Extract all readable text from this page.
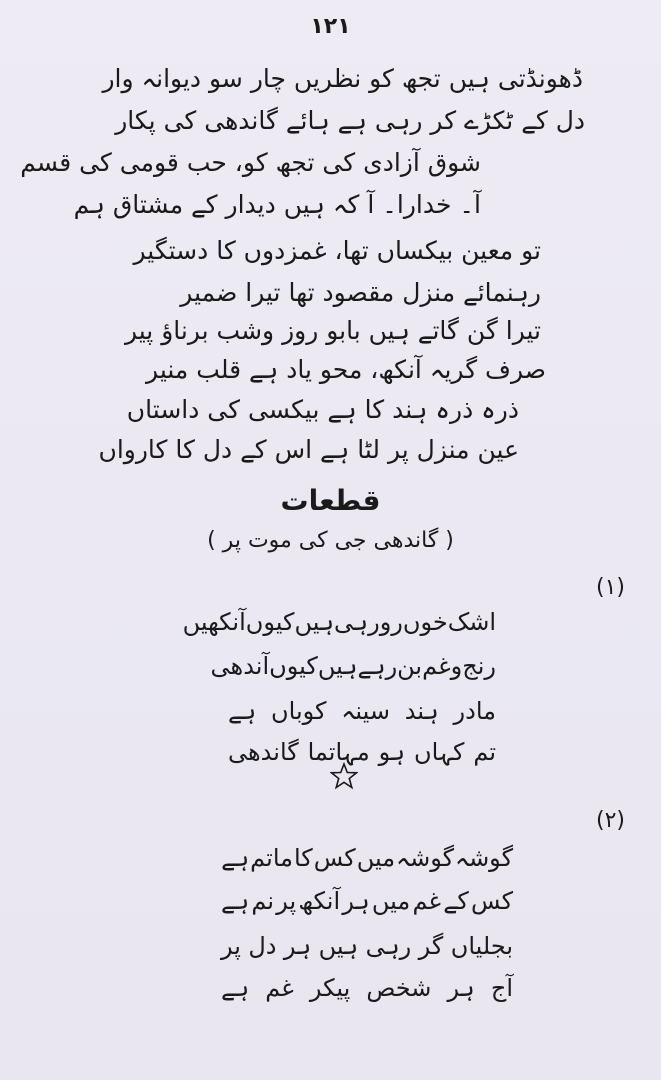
۱۲۱
ڈھونڈتی ہیں تجھ کو نظریں چار سو دیوانہ وار
دل کے ٹکڑے کر رہی ہے ہائے گاندھی کی پکار
شوق آزادی کی تجھ کو، حب قومی کی قسم
آ۔ خدارا۔ آ کہ ہیں دیدار کے مشتاق ہم
تو معین بیکساں تھا، غمزدوں کا دستگیر
رہنمائے منزل مقصود تھا تیرا ضمیر
تیرا گن گاتے ہیں بابو روز وشب برناؤ پیر
صرف گریہ آنکھ، محو یاد ہے قلب منیر
ذرہ ذرہ ہند کا ہے بیکسی کی داستاں
عین منزل پر لٹا ہے اس کے دل کا کارواں
قطعات
( گاندھی جی کی موت پر )
(۱)
اشک
خوں
رو
رہی
ہیں
کیوں
آنکھیں
رنج
وغم
بن
رہے
ہیں
کیوں
آندھی
مادر
ہند
سینہ
کوباں
ہے
تم
کہاں
ہو
مہاتما
گاندھی
(۲)
گوشہ
گوشہ
میں
کس
کا
ماتم
ہے
کس
کے
غم
میں
ہر
آنکھ
پر
نم
ہے
بجلیاں
گر
رہی
ہیں
ہر
دل
پر
آج
ہر
شخص
پیکر
غم
ہے
